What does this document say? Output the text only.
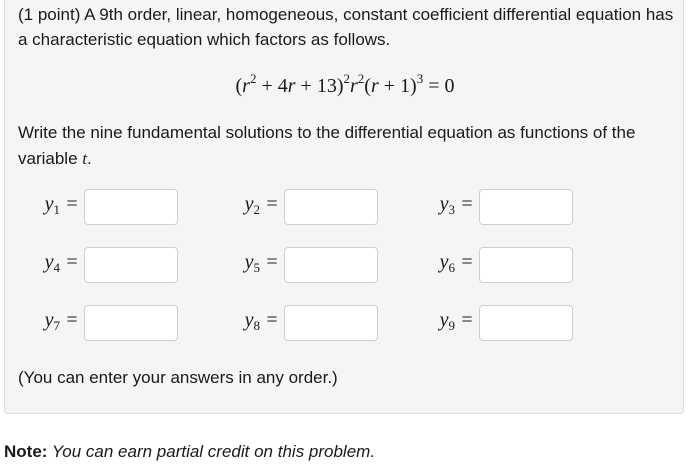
(1 point) A 9th order, linear, homogeneous, constant coefficient differential equation has a characteristic equation which factors as follows.
$(r^2 + 4r + 13)^2r^2(r + 1)^3 = 0$
Write the nine fundamental solutions to the differential equation as functions of the variable t.
$y_1$ =	$y_2$ =	$y_3$ =
$y_4$ =	$y_5$ =	$y_6$ =
$y_7$ =	$y_8$ =	$y_9$ =
(You can enter your answers in any order.)
Note: You can earn partial credit on this problem.
